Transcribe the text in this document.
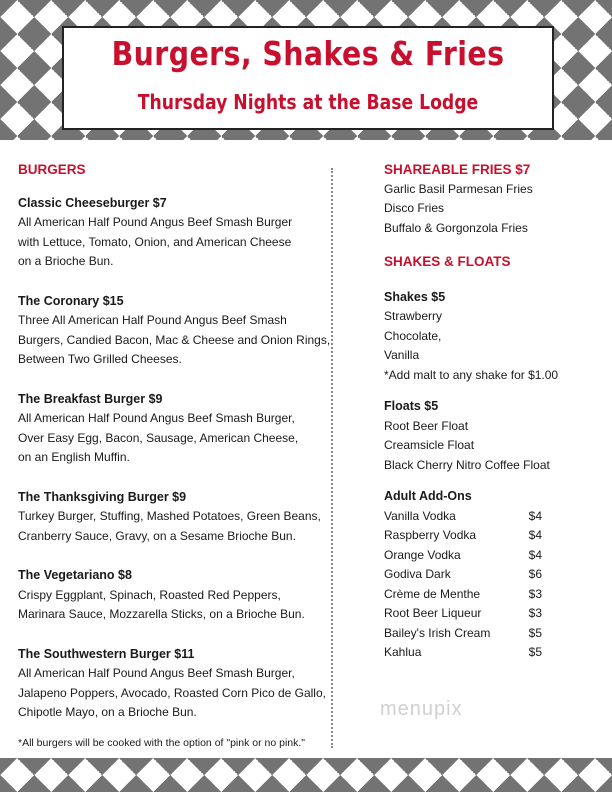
Burgers, Shakes & Fries
Thursday Nights at the Base Lodge
BURGERS
Classic Cheeseburger $7
All American Half Pound Angus Beef Smash Burger
with Lettuce, Tomato, Onion, and American Cheese
on a Brioche Bun.
The Coronary $15
Three All American Half Pound Angus Beef Smash
Burgers, Candied Bacon, Mac & Cheese and Onion Rings,
Between Two Grilled Cheeses.
The Breakfast Burger $9
All American Half Pound Angus Beef Smash Burger,
Over Easy Egg, Bacon, Sausage, American Cheese,
on an English Muffin.
The Thanksgiving Burger $9
Turkey Burger, Stuffing, Mashed Potatoes, Green Beans,
Cranberry Sauce, Gravy, on a Sesame Brioche Bun.
The Vegetariano $8
Crispy Eggplant, Spinach, Roasted Red Peppers,
Marinara Sauce, Mozzarella Sticks, on a Brioche Bun.
The Southwestern Burger $11
All American Half Pound Angus Beef Smash Burger,
Jalapeno Poppers, Avocado, Roasted Corn Pico de Gallo,
Chipotle Mayo, on a Brioche Bun.
*All burgers will be cooked with the option of "pink or no pink."
SHAREABLE FRIES $7
Garlic Basil Parmesan Fries
Disco Fries
Buffalo & Gorgonzola Fries
SHAKES & FLOATS
Shakes $5
Strawberry
Chocolate,
Vanilla
*Add malt to any shake for $1.00
Floats $5
Root Beer Float
Creamsicle Float
Black Cherry Nitro Coffee Float
Adult Add-Ons
Vanilla Vodka	$4
Raspberry Vodka	$4
Orange Vodka	$4
Godiva Dark	$6
Crème de Menthe	$3
Root Beer Liqueur	$3
Bailey's Irish Cream	$5
Kahlua	$5
menupix
